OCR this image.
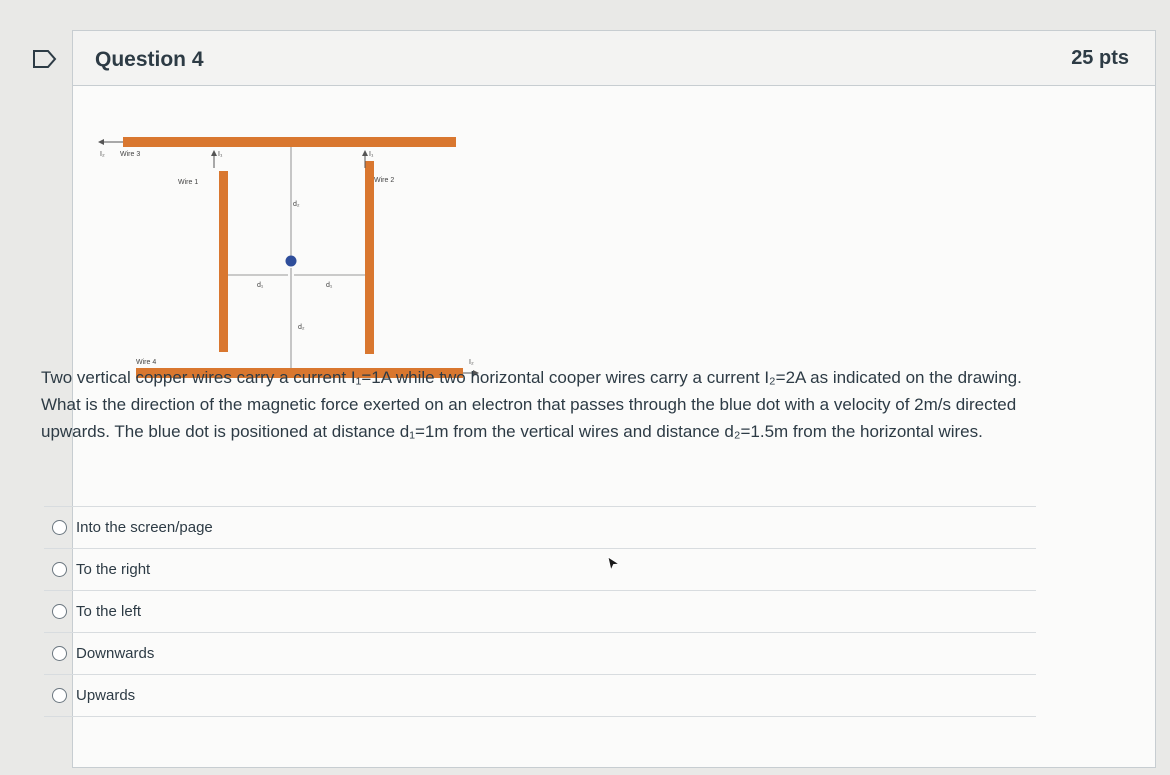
Question 4	25 pts
I₂ Wire 3	I₁
Wire 1
I₁
Wire 2
d₂
d₁	d₁
d₂
Wire 4	I₂
Two vertical copper wires carry a current I₁=1A while two horizontal cooper wires carry a current I₂=2A as indicated on the drawing. What is the direction of the magnetic force exerted on an electron that passes through the blue dot with a velocity of 2m/s directed upwards. The blue dot is positioned at distance d₁=1m from the vertical wires and distance d₂=1.5m from the horizontal wires.
Into the screen/page
To the right
To the left
Downwards
Upwards
